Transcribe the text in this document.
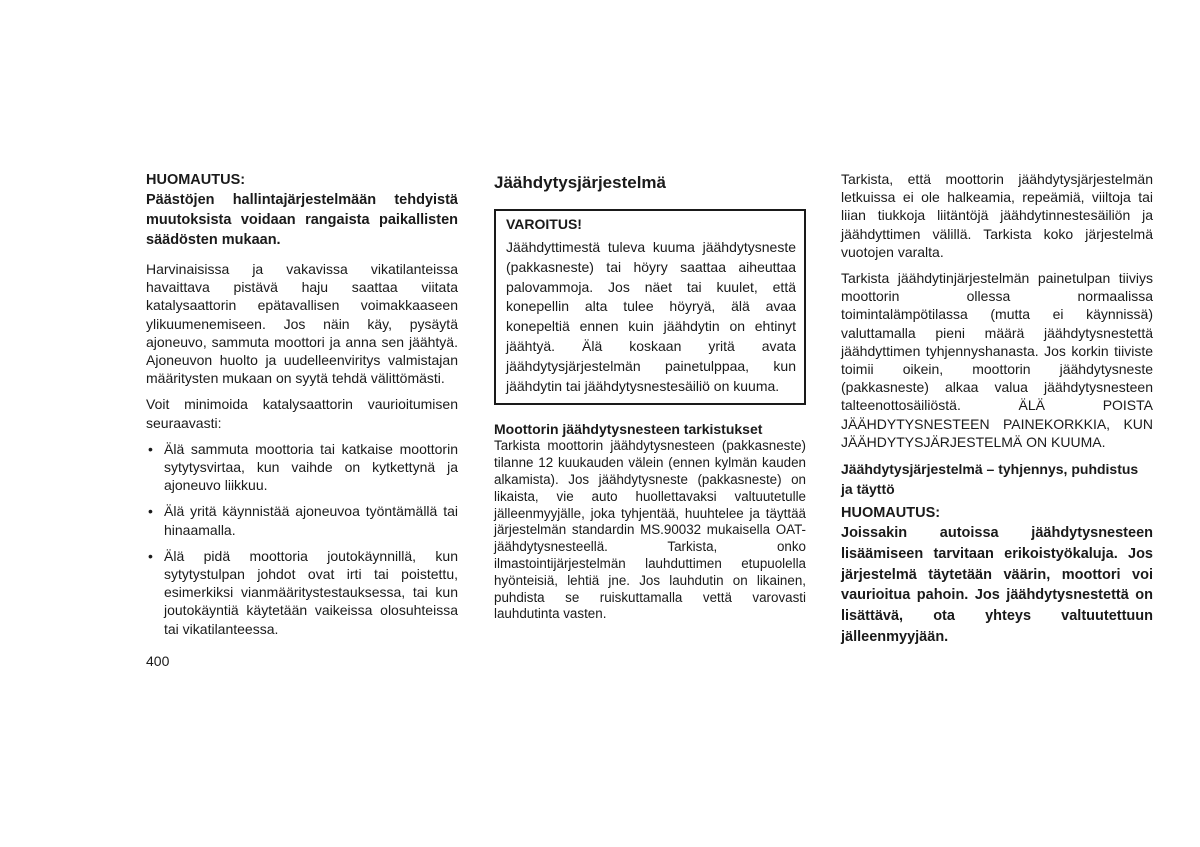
HUOMAUTUS:

Päästöjen hallintajärjestelmään tehdyistä muutoksista voidaan rangaista paikallisten säädösten mukaan.

Harvinaisissa ja vakavissa vikatilanteissa havaittava pistävä haju saattaa viitata katalysaattorin epätavallisen voimakkaaseen ylikuumenemiseen. Jos näin käy, pysäytä ajoneuvo, sammuta moottori ja anna sen jäähtyä. Ajoneuvon huolto ja uudelleenviritys valmistajan määritysten mukaan on syytä tehdä välittömästi.

Voit minimoida katalysaattorin vaurioitumisen seuraavasti:

• Älä sammuta moottoria tai katkaise moottorin sytytysvirtaa, kun vaihde on kytkettynä ja ajoneuvo liikkuu.
• Älä yritä käynnistää ajoneuvoa työntämällä tai hinaamalla.
• Älä pidä moottoria joutokäynnillä, kun sytytystulpan johdot ovat irti tai poistettu, esimerkiksi vianmääritystestauksessa, tai kun joutokäyntiä käytetään vaikeissa olosuhteissa tai vikatilanteessa.
400
Jäähdytysjärjestelmä

VAROITUS!

Jäähdyttimestä tuleva kuuma jäähdytysneste (pakkasneste) tai höyry saattaa aiheuttaa palovammoja. Jos näet tai kuulet, että konepellin alta tulee höyryä, älä avaa konepeltiä ennen kuin jäähdytin on ehtinyt jäähtyä. Älä koskaan yritä avata jäähdytysjärjestelmän painetulppaa, kun jäähdytin tai jäähdytysnestesäiliö on kuuma.

Moottorin jäähdytysnesteen tarkistukset

Tarkista moottorin jäähdytysnesteen (pakkasneste) tilanne 12 kuukauden välein (ennen kylmän kauden alkamista). Jos jäähdytysneste (pakkasneste) on likaista, vie auto huollettavaksi valtuutetulle jälleenmyyjälle, joka tyhjentää, huuhtelee ja täyttää järjestelmän standardin MS.90032 mukaisella OAT-jäähdytysnesteellä. Tarkista, onko ilmastointijärjestelmän lauhduttimen etupuolella hyönteisiä, lehtiä jne. Jos lauhdutin on likainen, puhdista se ruiskuttamalla vettä varovasti lauhdutinta vasten.

Tarkista, että moottorin jäähdytysjärjestelmän letkuissa ei ole halkeamia, repeämiä, viiltoja tai liian tiukkoja liitäntöjä jäähdytinnestesäiliön ja jäähdyttimen välillä. Tarkista koko järjestelmä vuotojen varalta.

Tarkista jäähdytinjärjestelmän painetulpan tiiviys moottorin ollessa normaalissa toimintalämpötilassa (mutta ei käynnissä) valuttamalla pieni määrä jäähdytysnestettä jäähdyttimen tyhjennyshanasta. Jos korkin tiiviste toimii oikein, moottorin jäähdytysneste (pakkasneste) alkaa valua jäähdytysnesteen talteenottosäiliöstä. ÄLÄ POISTA JÄÄHDYTYSNESTEEN PAINEKORKKIA, KUN JÄÄHDYTYSJÄRJESTELMÄ ON KUUMA.

Jäähdytysjärjestelmä – tyhjennys, puhdistus ja täyttö

HUOMAUTUS:

Joissakin autoissa jäähdytysnesteen lisäämiseen tarvitaan erikoistyökaluja. Jos järjestelmä täytetään väärin, moottori voi vaurioitua pahoin. Jos jäähdytysnestettä on lisättävä, ota yhteys valtuutettuun jälleenmyyjään.
